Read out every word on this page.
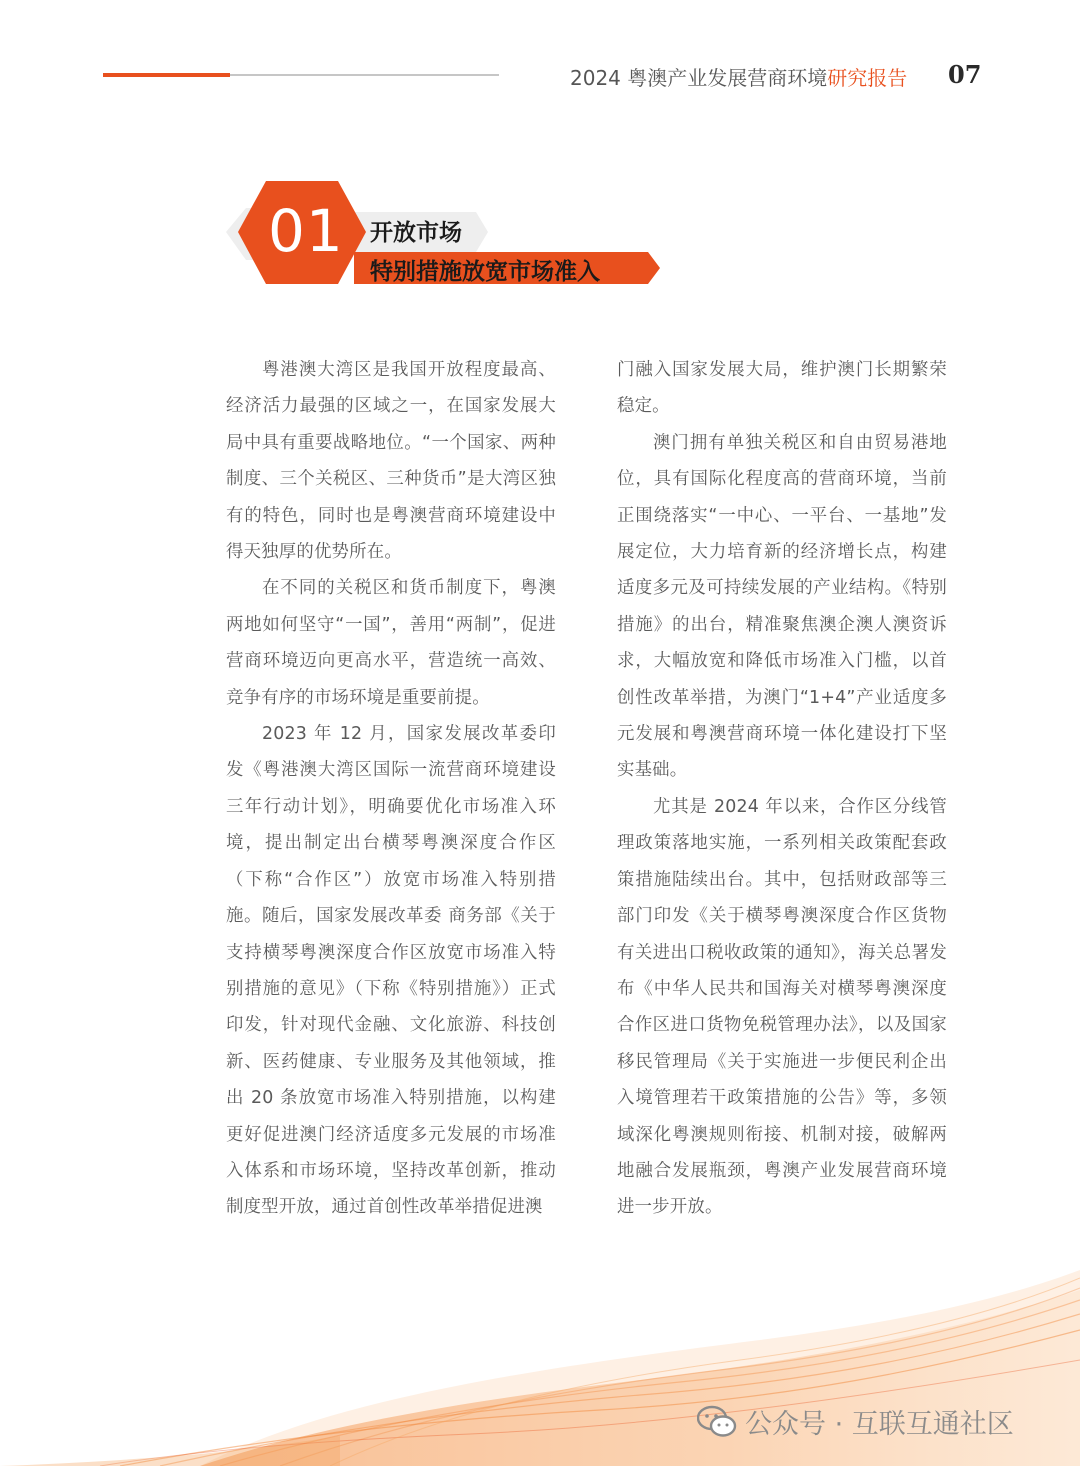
2024 粤澳产业发展营商环境研究报告 07
01 开放市场
特别措施放宽市场准入

粤港澳大湾区是我国开放程度最高、经济活力最强的区域之一，在国家发展大局中具有重要战略地位。“一个国家、两种制度、三个关税区、三种货币”是大湾区独有的特色，同时也是粤澳营商环境建设中得天独厚的优势所在。

在不同的关税区和货币制度下，粤澳两地如何坚守“一国”，善用“两制”，促进营商环境迈向更高水平，营造统一高效、竞争有序的市场环境是重要前提。

2023 年 12 月，国家发展改革委印发《粤港澳大湾区国际一流营商环境建设三年行动计划》，明确要优化市场准入环境，提出制定出台横琴粤澳深度合作区（下称“合作区”）放宽市场准入特别措施。随后，国家发展改革委 商务部《关于支持横琴粤澳深度合作区放宽市场准入特别措施的意见》（下称《特别措施》）正式印发，针对现代金融、文化旅游、科技创新、医药健康、专业服务及其他领域，推出 20 条放宽市场准入特别措施，以构建更好促进澳门经济适度多元发展的市场准入体系和市场环境，坚持改革创新，推动制度型开放，通过首创性改革举措促进澳

门融入国家发展大局，维护澳门长期繁荣稳定。

澳门拥有单独关税区和自由贸易港地位，具有国际化程度高的营商环境，当前正围绕落实“一中心、一平台、一基地”发展定位，大力培育新的经济增长点，构建适度多元及可持续发展的产业结构。《特别措施》的出台，精准聚焦澳企澳人澳资诉求，大幅放宽和降低市场准入门槛，以首创性改革举措，为澳门“1+4”产业适度多元发展和粤澳营商环境一体化建设打下坚实基础。

尤其是 2024 年以来，合作区分线管理政策落地实施，一系列相关政策配套政策措施陆续出台。其中，包括财政部等三部门印发《关于横琴粤澳深度合作区货物有关进出口税收政策的通知》，海关总署发布《中华人民共和国海关对横琴粤澳深度合作区进口货物免税管理办法》，以及国家移民管理局《关于实施进一步便民利企出入境管理若干政策措施的公告》等，多领域深化粤澳规则衔接、机制对接，破解两地融合发展瓶颈，粤澳产业发展营商环境进一步开放。

公众号 · 互联互通社区
